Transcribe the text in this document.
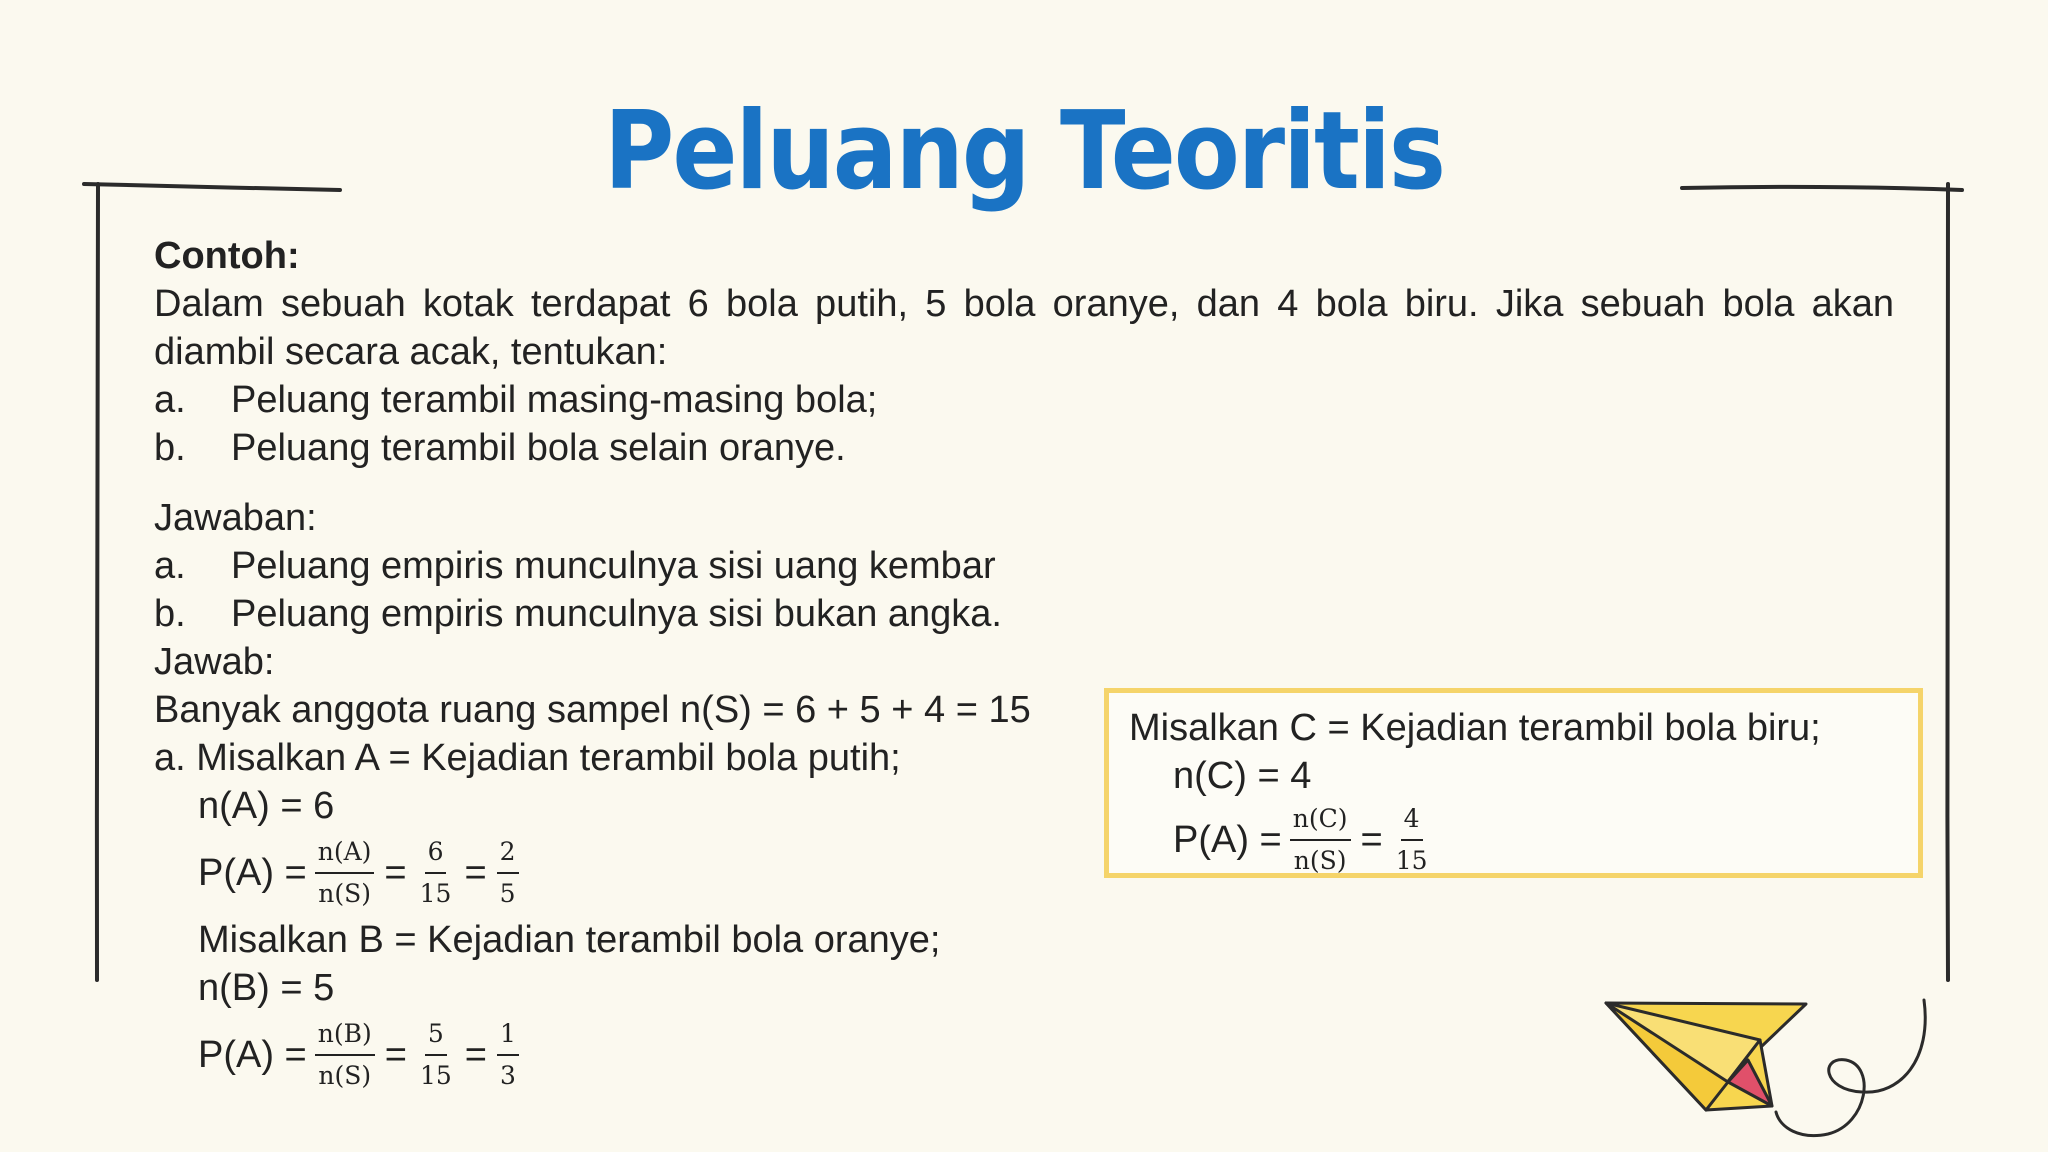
Peluang Teoritis
Contoh:
Dalam sebuah kotak terdapat 6 bola putih, 5 bola oranye, dan 4 bola biru. Jika sebuah bola akan diambil secara acak, tentukan:
a.	Peluang terambil masing-masing bola;
b.	Peluang terambil bola selain oranye.
Jawaban:
a.	Peluang empiris munculnya sisi uang kembar
b.	Peluang empiris munculnya sisi bukan angka.
Jawab:
Banyak anggota ruang sampel n(S) = 6 + 5 + 4 = 15
a. Misalkan A = Kejadian terambil bola putih;
n(A) = 6
$P(A) = \frac{n(A)}{n(S)} = \frac{6}{15} = \frac{2}{5}$
Misalkan B = Kejadian terambil bola oranye;
n(B) = 5
$P(A) = \frac{n(B)}{n(S)} = \frac{5}{15} = \frac{1}{3}$
Misalkan C = Kejadian terambil bola biru;
n(C) = 4
$P(A) = \frac{n(C)}{n(S)} = \frac{4}{15}$
